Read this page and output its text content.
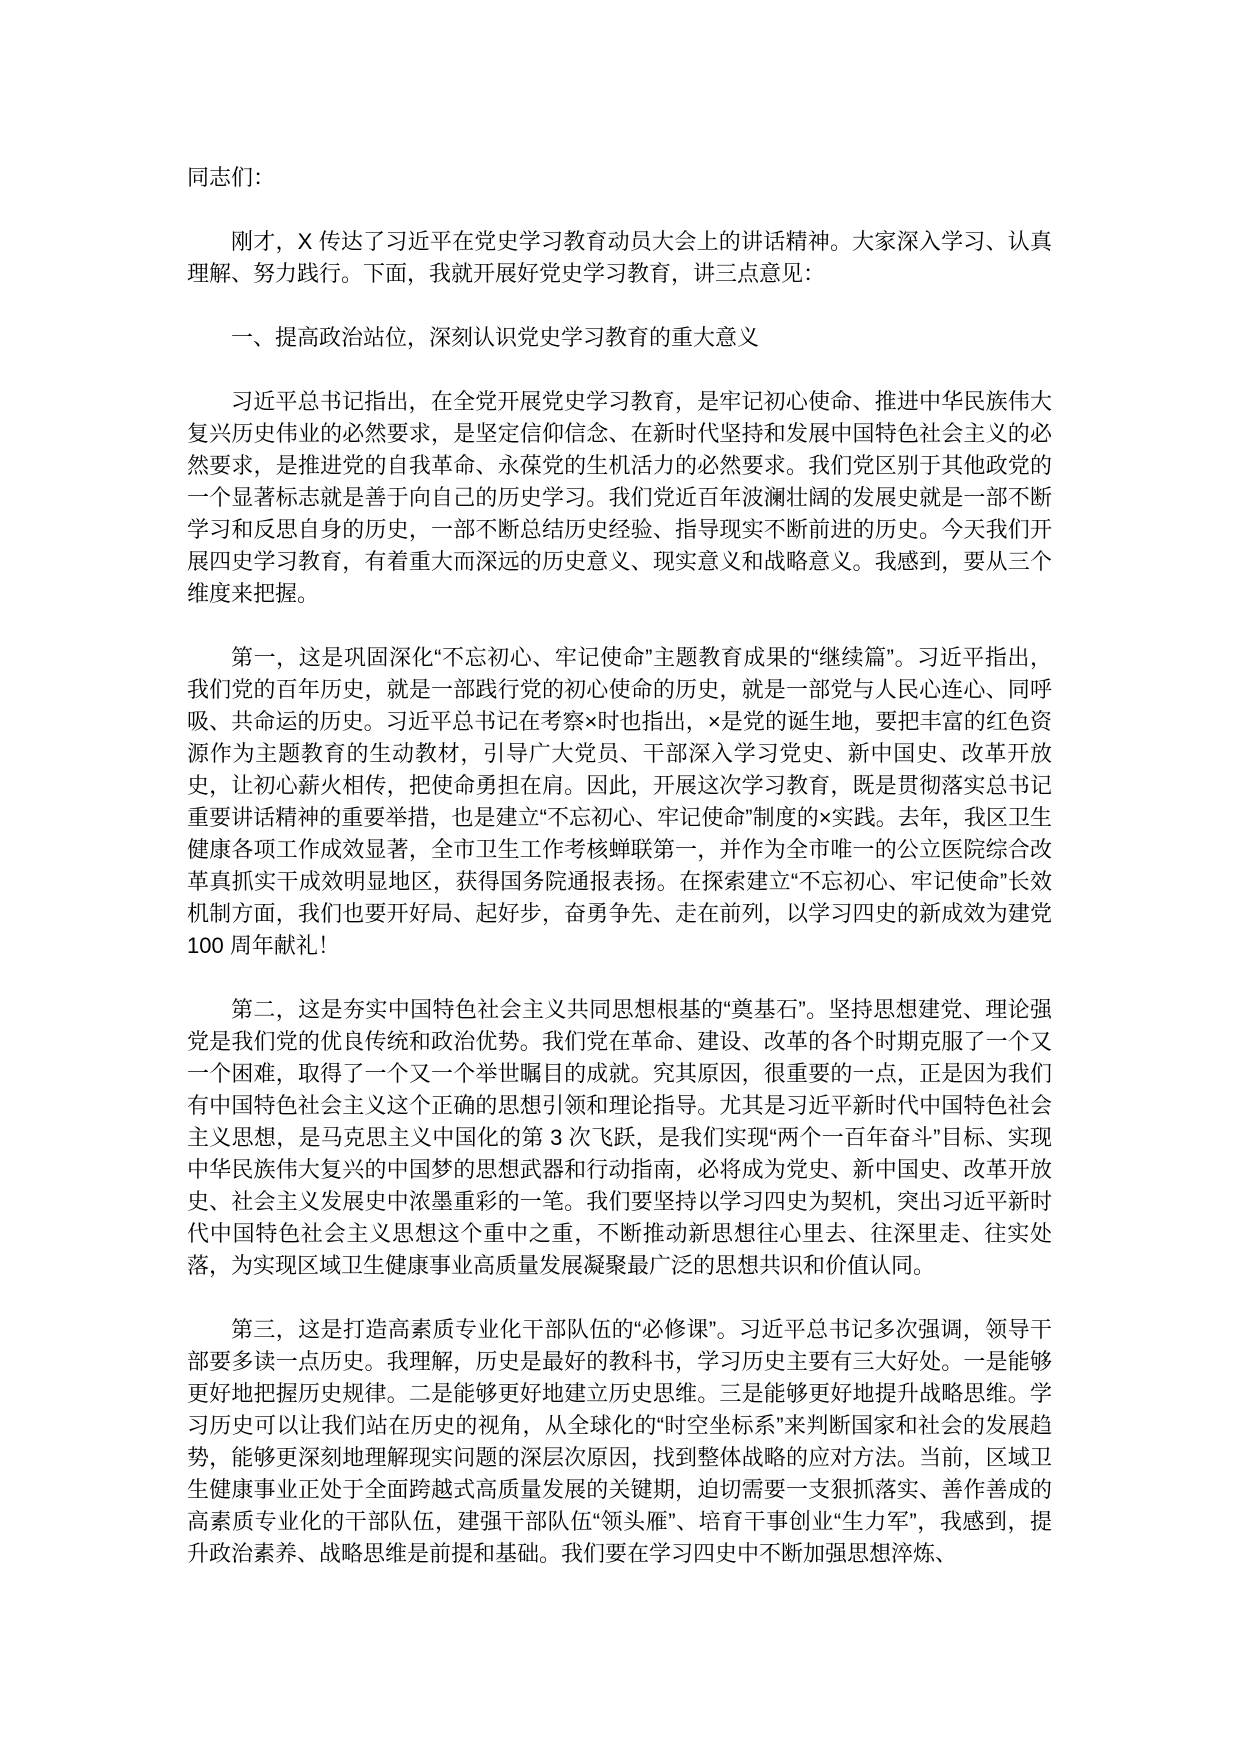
同志们：

刚才，X 传达了习近平在党史学习教育动员大会上的讲话精神。大家深入学习、认真理解、努力践行。下面，我就开展好党史学习教育，讲三点意见：

一、提高政治站位，深刻认识党史学习教育的重大意义

习近平总书记指出，在全党开展党史学习教育，是牢记初心使命、推进中华民族伟大复兴历史伟业的必然要求，是坚定信仰信念、在新时代坚持和发展中国特色社会主义的必然要求，是推进党的自我革命、永葆党的生机活力的必然要求。我们党区别于其他政党的一个显著标志就是善于向自己的历史学习。我们党近百年波澜壮阔的发展史就是一部不断学习和反思自身的历史，一部不断总结历史经验、指导现实不断前进的历史。今天我们开展四史学习教育，有着重大而深远的历史意义、现实意义和战略意义。我感到，要从三个维度来把握。

第一，这是巩固深化“不忘初心、牢记使命”主题教育成果的“继续篇”。习近平指出，我们党的百年历史，就是一部践行党的初心使命的历史，就是一部党与人民心连心、同呼吸、共命运的历史。习近平总书记在考察×时也指出，×是党的诞生地，要把丰富的红色资源作为主题教育的生动教材，引导广大党员、干部深入学习党史、新中国史、改革开放史，让初心薪火相传，把使命勇担在肩。因此，开展这次学习教育，既是贯彻落实总书记重要讲话精神的重要举措，也是建立“不忘初心、牢记使命”制度的×实践。去年，我区卫生健康各项工作成效显著，全市卫生工作考核蝉联第一，并作为全市唯一的公立医院综合改革真抓实干成效明显地区，获得国务院通报表扬。在探索建立“不忘初心、牢记使命”长效机制方面，我们也要开好局、起好步，奋勇争先、走在前列，以学习四史的新成效为建党 100 周年献礼！

第二，这是夯实中国特色社会主义共同思想根基的“奠基石”。坚持思想建党、理论强党是我们党的优良传统和政治优势。我们党在革命、建设、改革的各个时期克服了一个又一个困难，取得了一个又一个举世瞩目的成就。究其原因，很重要的一点，正是因为我们有中国特色社会主义这个正确的思想引领和理论指导。尤其是习近平新时代中国特色社会主义思想，是马克思主义中国化的第 3 次飞跃，是我们实现“两个一百年奋斗”目标、实现中华民族伟大复兴的中国梦的思想武器和行动指南，必将成为党史、新中国史、改革开放史、社会主义发展史中浓墨重彩的一笔。我们要坚持以学习四史为契机，突出习近平新时代中国特色社会主义思想这个重中之重，不断推动新思想往心里去、往深里走、往实处落，为实现区域卫生健康事业高质量发展凝聚最广泛的思想共识和价值认同。

第三，这是打造高素质专业化干部队伍的“必修课”。习近平总书记多次强调，领导干部要多读一点历史。我理解，历史是最好的教科书，学习历史主要有三大好处。一是能够更好地把握历史规律。二是能够更好地建立历史思维。三是能够更好地提升战略思维。学习历史可以让我们站在历史的视角，从全球化的“时空坐标系”来判断国家和社会的发展趋势，能够更深刻地理解现实问题的深层次原因，找到整体战略的应对方法。当前，区域卫生健康事业正处于全面跨越式高质量发展的关键期，迫切需要一支狠抓落实、善作善成的高素质专业化的干部队伍，建强干部队伍“领头雁”、培育干事创业“生力军”，我感到，提升政治素养、战略思维是前提和基础。我们要在学习四史中不断加强思想淬炼、
